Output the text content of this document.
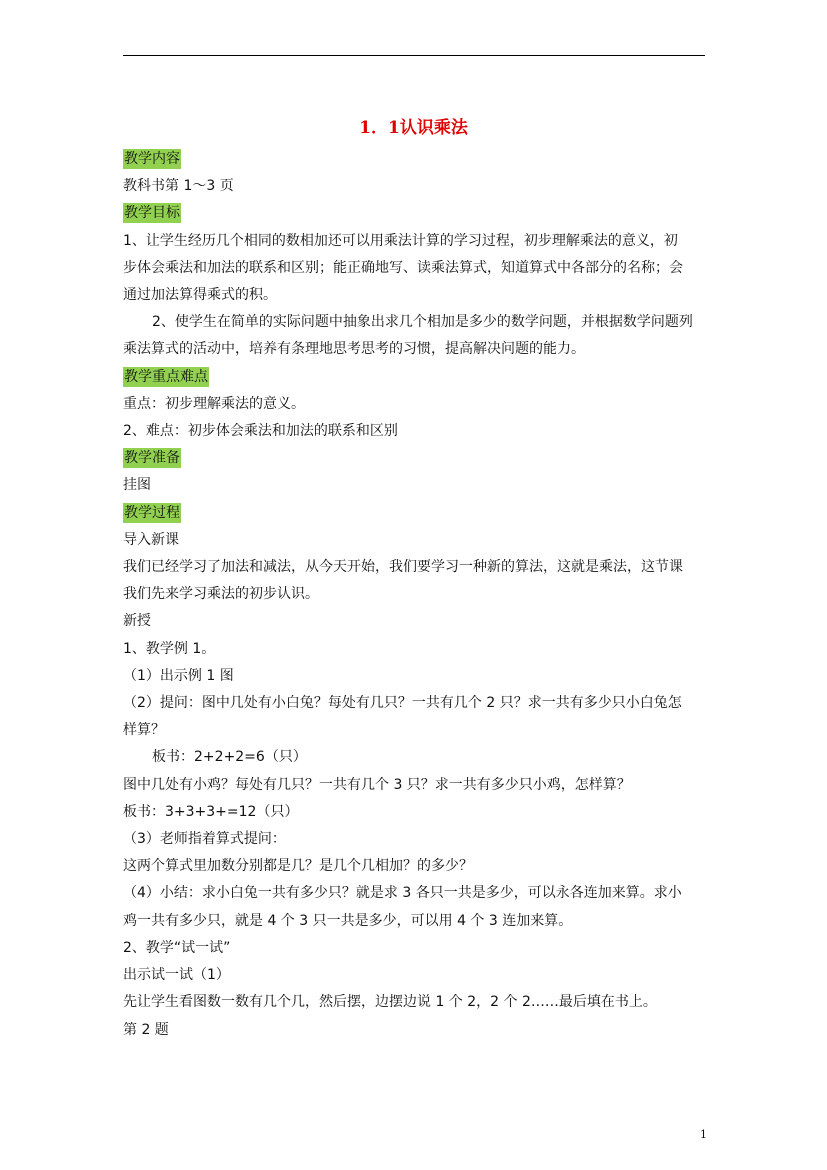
1．1认识乘法
教学内容
教科书第 1～3 页
教学目标
1、让学生经历几个相同的数相加还可以用乘法计算的学习过程，初步理解乘法的意义，初
步体会乘法和加法的联系和区别；能正确地写、读乘法算式，知道算式中各部分的名称；会
通过加法算得乘式的积。
2、使学生在简单的实际问题中抽象出求几个相加是多少的数学问题，并根据数学问题列
乘法算式的活动中，培养有条理地思考思考的习惯，提高解决问题的能力。
教学重点难点
重点：初步理解乘法的意义。
2、难点：初步体会乘法和加法的联系和区别
教学准备
挂图
教学过程
导入新课
我们已经学习了加法和减法，从今天开始，我们要学习一种新的算法，这就是乘法，这节课
我们先来学习乘法的初步认识。
新授
1、教学例 1。
（1）出示例 1 图
（2）提问：图中几处有小白兔？每处有几只？一共有几个 2 只？求一共有多少只小白兔怎
样算？
板书：2+2+2=6（只）
图中几处有小鸡？每处有几只？一共有几个 3 只？求一共有多少只小鸡，怎样算？
板书：3+3+3+=12（只）
（3）老师指着算式提问：
这两个算式里加数分别都是几？是几个几相加？的多少？
（4）小结：求小白兔一共有多少只？就是求 3 各只一共是多少，可以永各连加来算。求小
鸡一共有多少只，就是 4 个 3 只一共是多少，可以用 4 个 3 连加来算。
2、教学“试一试”
出示试一试（1）
先让学生看图数一数有几个几，然后摆，边摆边说 1 个 2，2 个 2……最后填在书上。
第 2 题
1
